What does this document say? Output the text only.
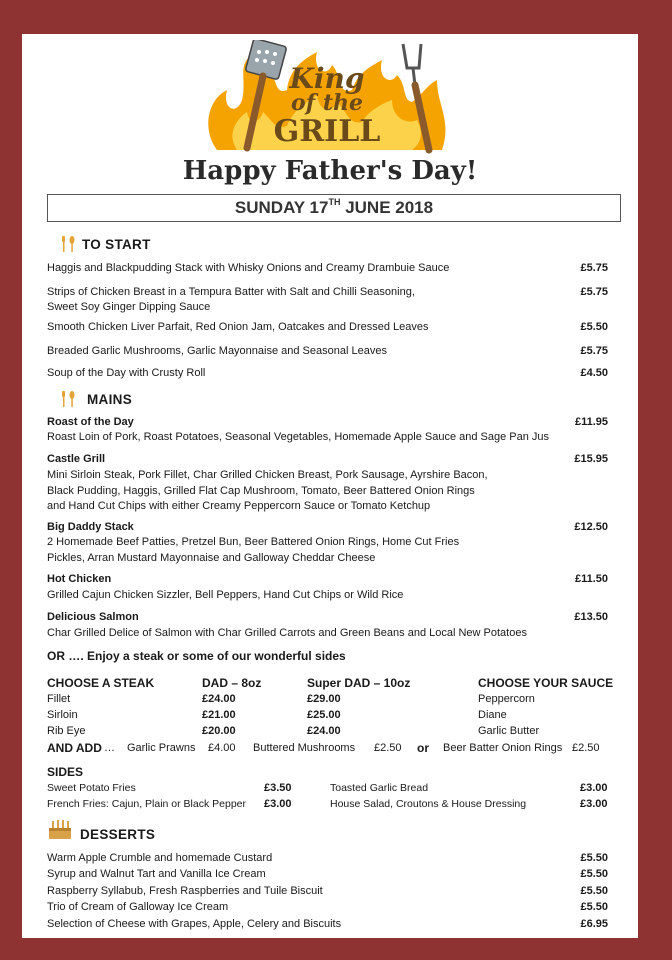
King
of the
GRILL
Happy Father's Day!
SUNDAY 17TH JUNE 2018
TO START
Haggis and Blackpudding Stack with Whisky Onions and Creamy Drambuie Sauce	£5.75
Strips of Chicken Breast in a Tempura Batter with Salt and Chilli Seasoning,
Sweet Soy Ginger Dipping Sauce
£5.75
Smooth Chicken Liver Parfait, Red Onion Jam, Oatcakes and Dressed Leaves	£5.50
Breaded Garlic Mushrooms, Garlic Mayonnaise and Seasonal Leaves	£5.75
Soup of the Day with Crusty Roll	£4.50
MAINS
Roast of the Day	£11.95
Roast Loin of Pork, Roast Potatoes, Seasonal Vegetables, Homemade Apple Sauce and Sage Pan Jus
Castle Grill	£15.95
Mini Sirloin Steak, Pork Fillet, Char Grilled Chicken Breast, Pork Sausage, Ayrshire Bacon,
Black Pudding, Haggis, Grilled Flat Cap Mushroom, Tomato, Beer Battered Onion Rings
and Hand Cut Chips with either Creamy Peppercorn Sauce or Tomato Ketchup
Big Daddy Stack	£12.50
2 Homemade Beef Patties, Pretzel Bun, Beer Battered Onion Rings, Home Cut Fries
Pickles, Arran Mustard Mayonnaise and Galloway Cheddar Cheese
Hot Chicken	£11.50
Grilled Cajun Chicken Sizzler, Bell Peppers, Hand Cut Chips or Wild Rice
Delicious Salmon	£13.50
Char Grilled Delice of Salmon with Char Grilled Carrots and Green Beans and Local New Potatoes
OR …. Enjoy a steak or some of our wonderful sides
CHOOSE A STEAK	DAD – 8oz	Super DAD – 10oz	CHOOSE YOUR SAUCE
Fillet	£24.00	£29.00	Peppercorn
Sirloin	£21.00	£25.00	Diane
Rib Eye	£20.00	£24.00	Garlic Butter
AND ADD … Garlic Prawns £4.00 Buttered Mushrooms £2.50 or Beer Batter Onion Rings £2.50
SIDES
Sweet Potato Fries	£3.50	Toasted Garlic Bread	£3.00
French Fries: Cajun, Plain or Black Pepper £3.00	House Salad, Croutons & House Dressing	£3.00
DESSERTS
Warm Apple Crumble and homemade Custard	£5.50
Syrup and Walnut Tart and Vanilla Ice Cream	£5.50
Raspberry Syllabub, Fresh Raspberries and Tuile Biscuit	£5.50
Trio of Cream of Galloway Ice Cream	£5.50
Selection of Cheese with Grapes, Apple, Celery and Biscuits	£6.95
